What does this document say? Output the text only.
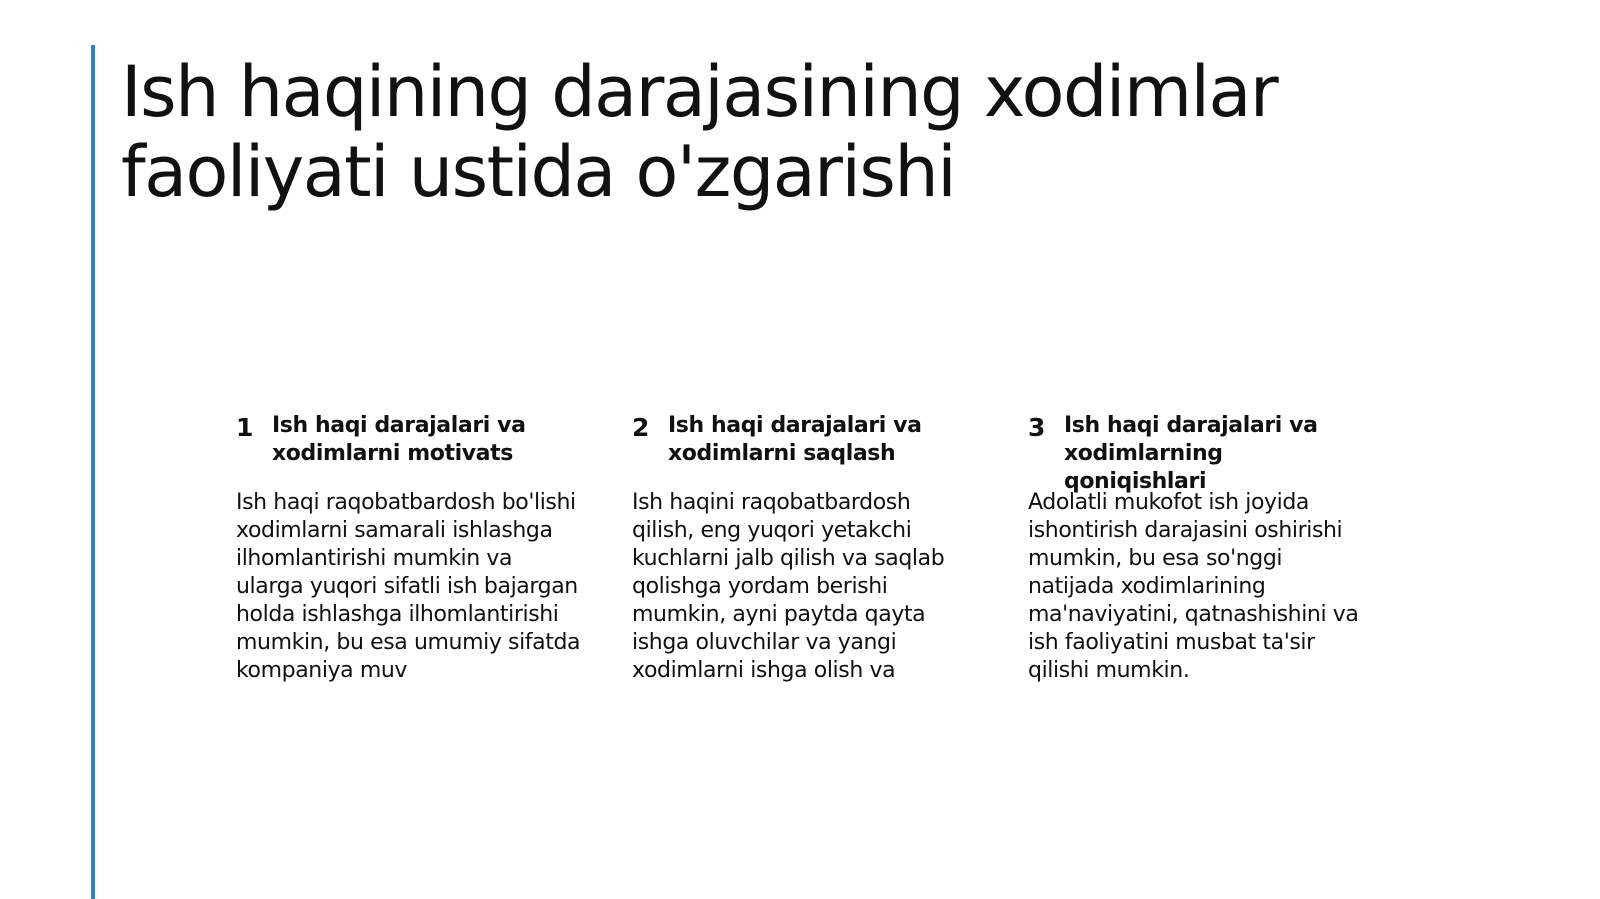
Ish haqining darajasining xodimlar
faoliyati ustida o'zgarishi
1 Ish haqi darajalari va xodimlarni motivats
Ish haqi raqobatbardosh bo'lishi xodimlarni samarali ishlashga ilhomlantirishi mumkin va ularga yuqori sifatli ish bajargan holda ishlashga ilhomlantirishi mumkin, bu esa umumiy sifatda kompaniya muv
2 Ish haqi darajalari va xodimlarni saqlash
Ish haqini raqobatbardosh qilish, eng yuqori yetakchi kuchlarni jalb qilish va saqlab qolishga yordam berishi mumkin, ayni paytda qayta ishga oluvchilar va yangi xodimlarni ishga olish va
3 Ish haqi darajalari va xodimlarning qoniqishlari
Adolatli mukofot ish joyida ishontirish darajasini oshirishi mumkin, bu esa so'nggi natijada xodimlarining ma'naviyatini, qatnashishini va ish faoliyatini musbat ta'sir qilishi mumkin.
